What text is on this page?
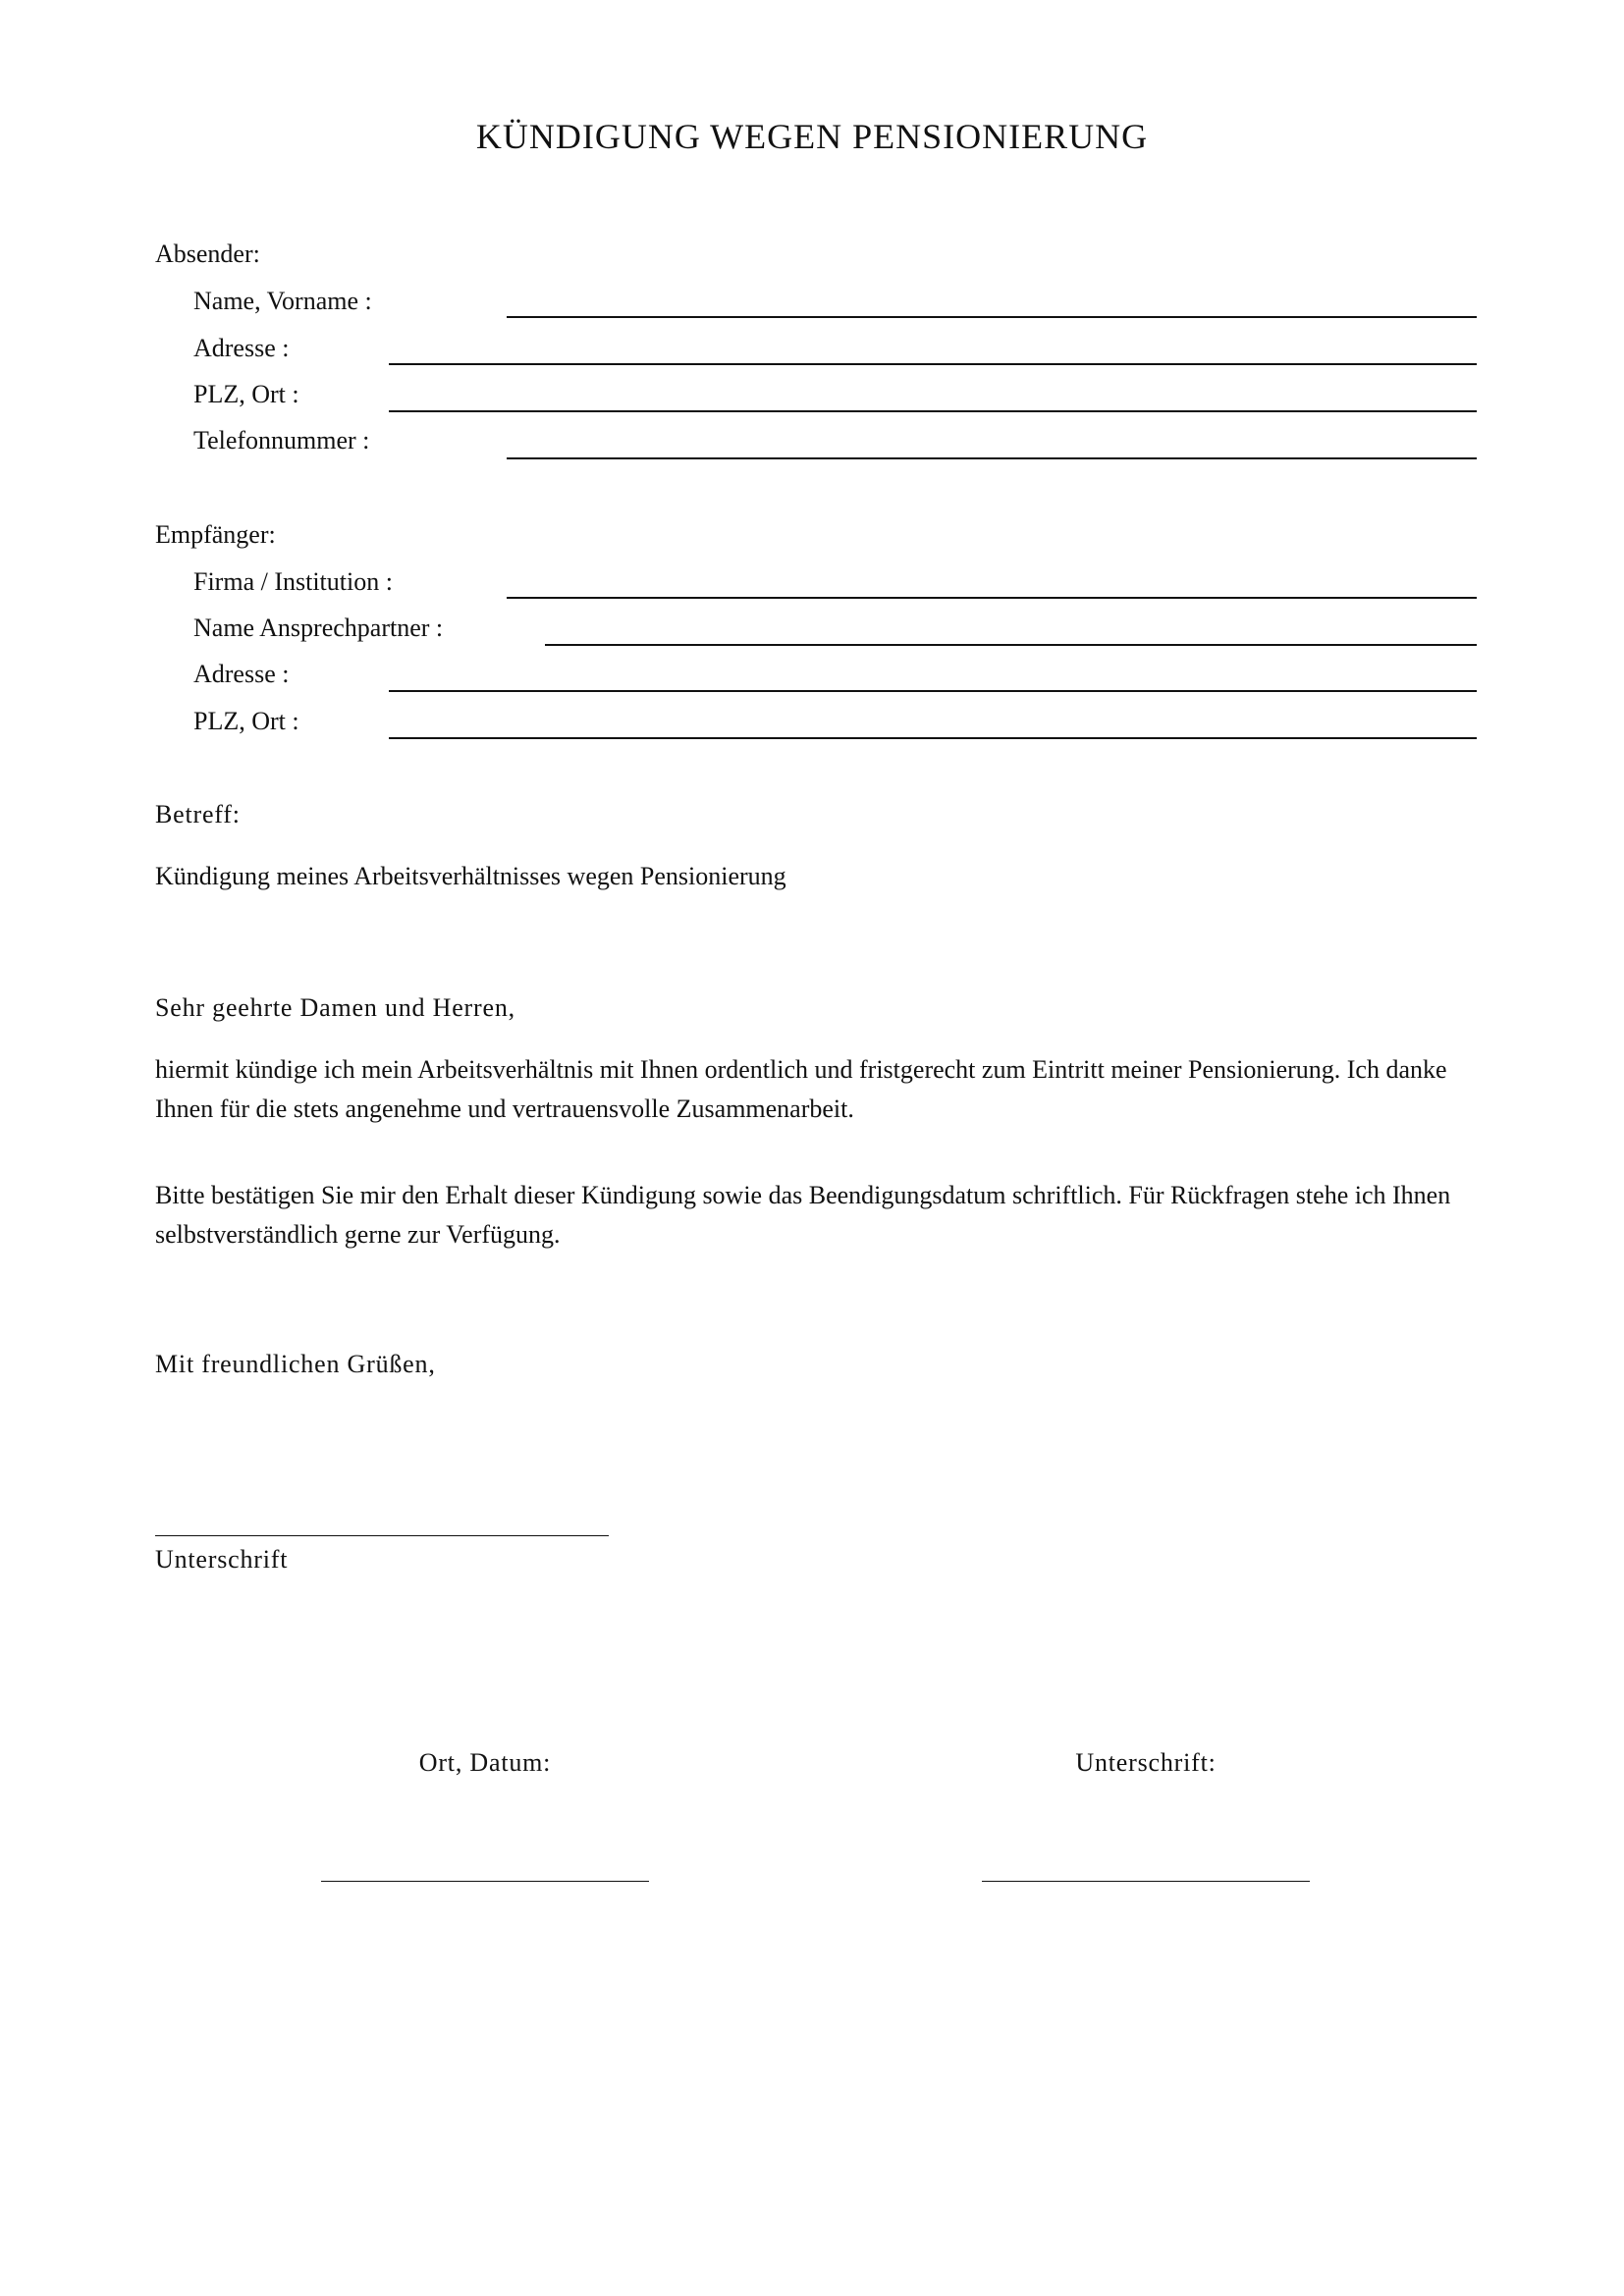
KÜNDIGUNG WEGEN PENSIONIERUNG
Absender:
Name, Vorname :
Adresse :
PLZ, Ort :
Telefonnummer :
Empfänger:
Firma / Institution :
Name Ansprechpartner :
Adresse :
PLZ, Ort :
Betreff:
Kündigung meines Arbeitsverhältnisses wegen Pensionierung
Sehr geehrte Damen und Herren,

hiermit kündige ich mein Arbeitsverhältnis mit Ihnen ordentlich und fristgerecht zum Eintritt meiner Pensionierung. Ich danke Ihnen für die stets angenehme und vertrauensvolle Zusammenarbeit.

Bitte bestätigen Sie mir den Erhalt dieser Kündigung sowie das Beendigungsdatum schriftlich. Für Rückfragen stehe ich Ihnen selbstverständlich gerne zur Verfügung.

Mit freundlichen Grüßen,
Unterschrift
Ort, Datum:	Unterschrift:
